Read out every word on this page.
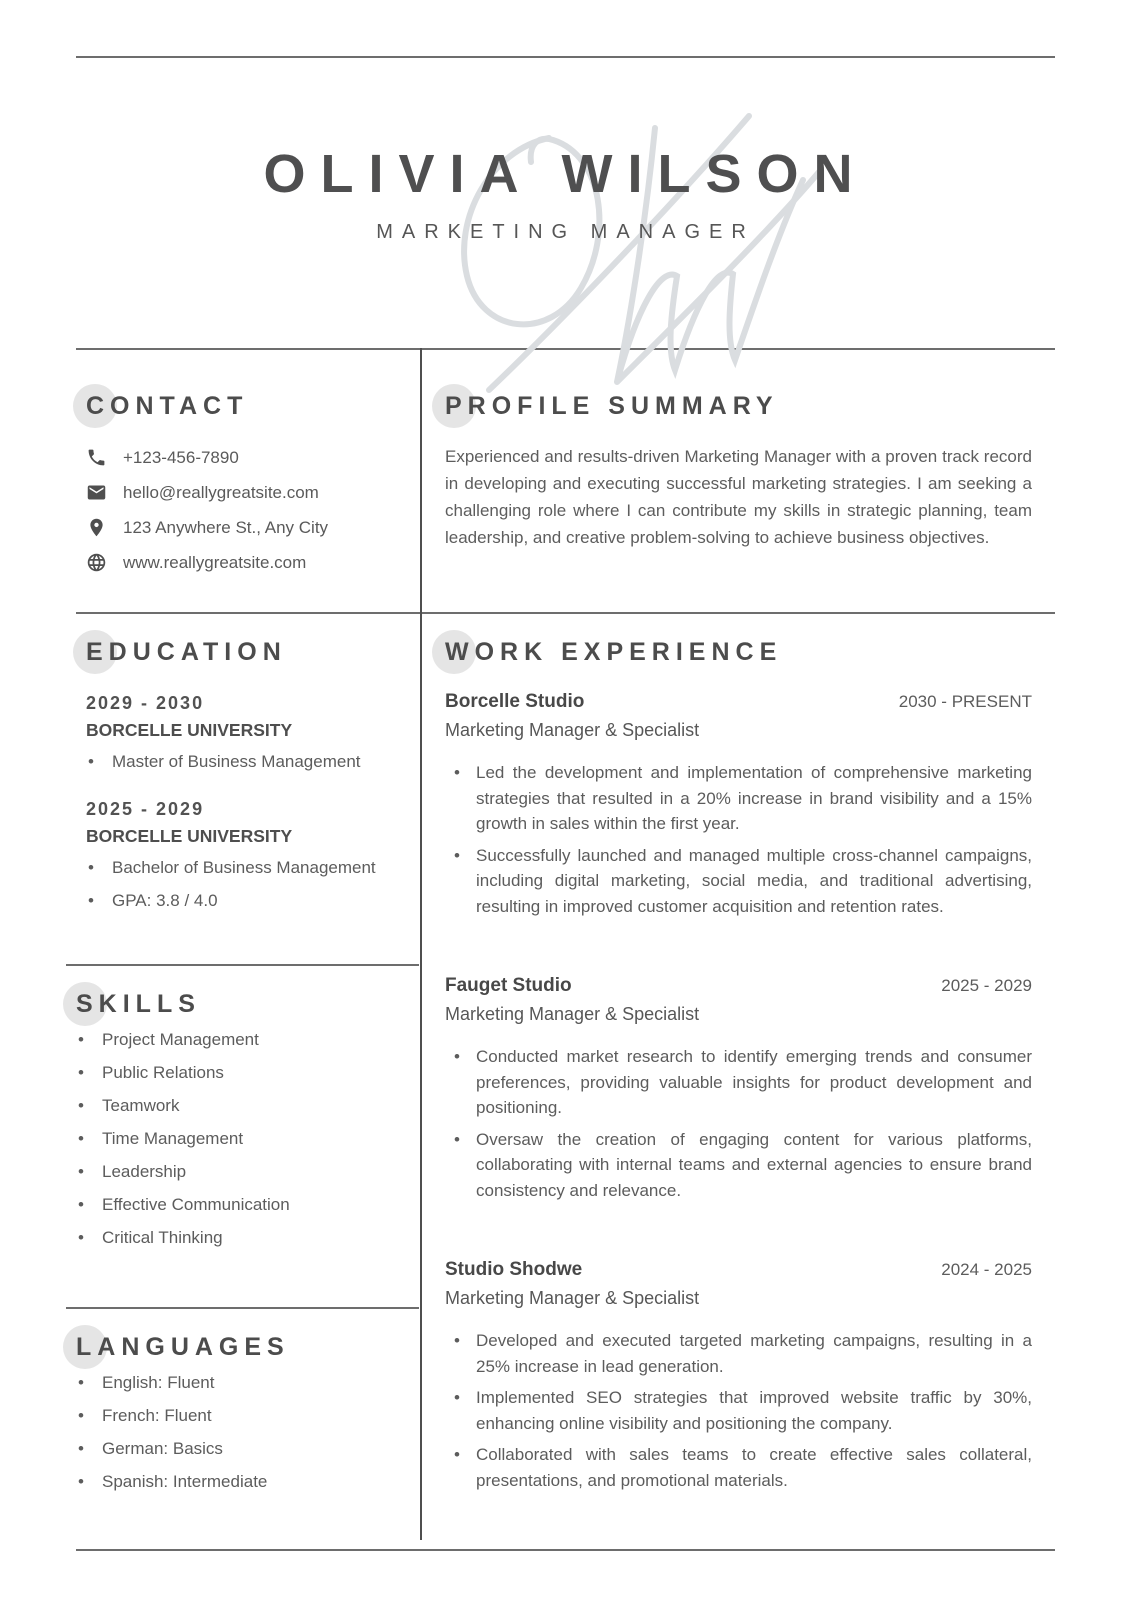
OLIVIA WILSON
MARKETING MANAGER
CONTACT
+123-456-7890
hello@reallygreatsite.com
123 Anywhere St., Any City
www.reallygreatsite.com
PROFILE SUMMARY

Experienced and results-driven Marketing Manager with a proven track record in developing and executing successful marketing strategies. I am seeking a challenging role where I can contribute my skills in strategic planning, team leadership, and creative problem-solving to achieve business objectives.

EDUCATION
2029 - 2030
BORCELLE UNIVERSITY
• Master of Business Management
2025 - 2029
BORCELLE UNIVERSITY
• Bachelor of Business Management
• GPA: 3.8 / 4.0
SKILLS
• Project Management
• Public Relations
• Teamwork
• Time Management
• Leadership
• Effective Communication
• Critical Thinking
LANGUAGES
• English: Fluent
• French: Fluent
• German: Basics
• Spanish: Intermediate
WORK EXPERIENCE
Borcelle Studio	2030 - PRESENT
Marketing Manager & Specialist
• Led the development and implementation of comprehensive marketing strategies that resulted in a 20% increase in brand visibility and a 15% growth in sales within the first year.
• Successfully launched and managed multiple cross-channel campaigns, including digital marketing, social media, and traditional advertising, resulting in improved customer acquisition and retention rates.
Fauget Studio	2025 - 2029
Marketing Manager & Specialist
• Conducted market research to identify emerging trends and consumer preferences, providing valuable insights for product development and positioning.
• Oversaw the creation of engaging content for various platforms, collaborating with internal teams and external agencies to ensure brand consistency and relevance.
Studio Shodwe	2024 - 2025
Marketing Manager & Specialist
• Developed and executed targeted marketing campaigns, resulting in a 25% increase in lead generation.
• Implemented SEO strategies that improved website traffic by 30%, enhancing online visibility and positioning the company.
• Collaborated with sales teams to create effective sales collateral, presentations, and promotional materials.
